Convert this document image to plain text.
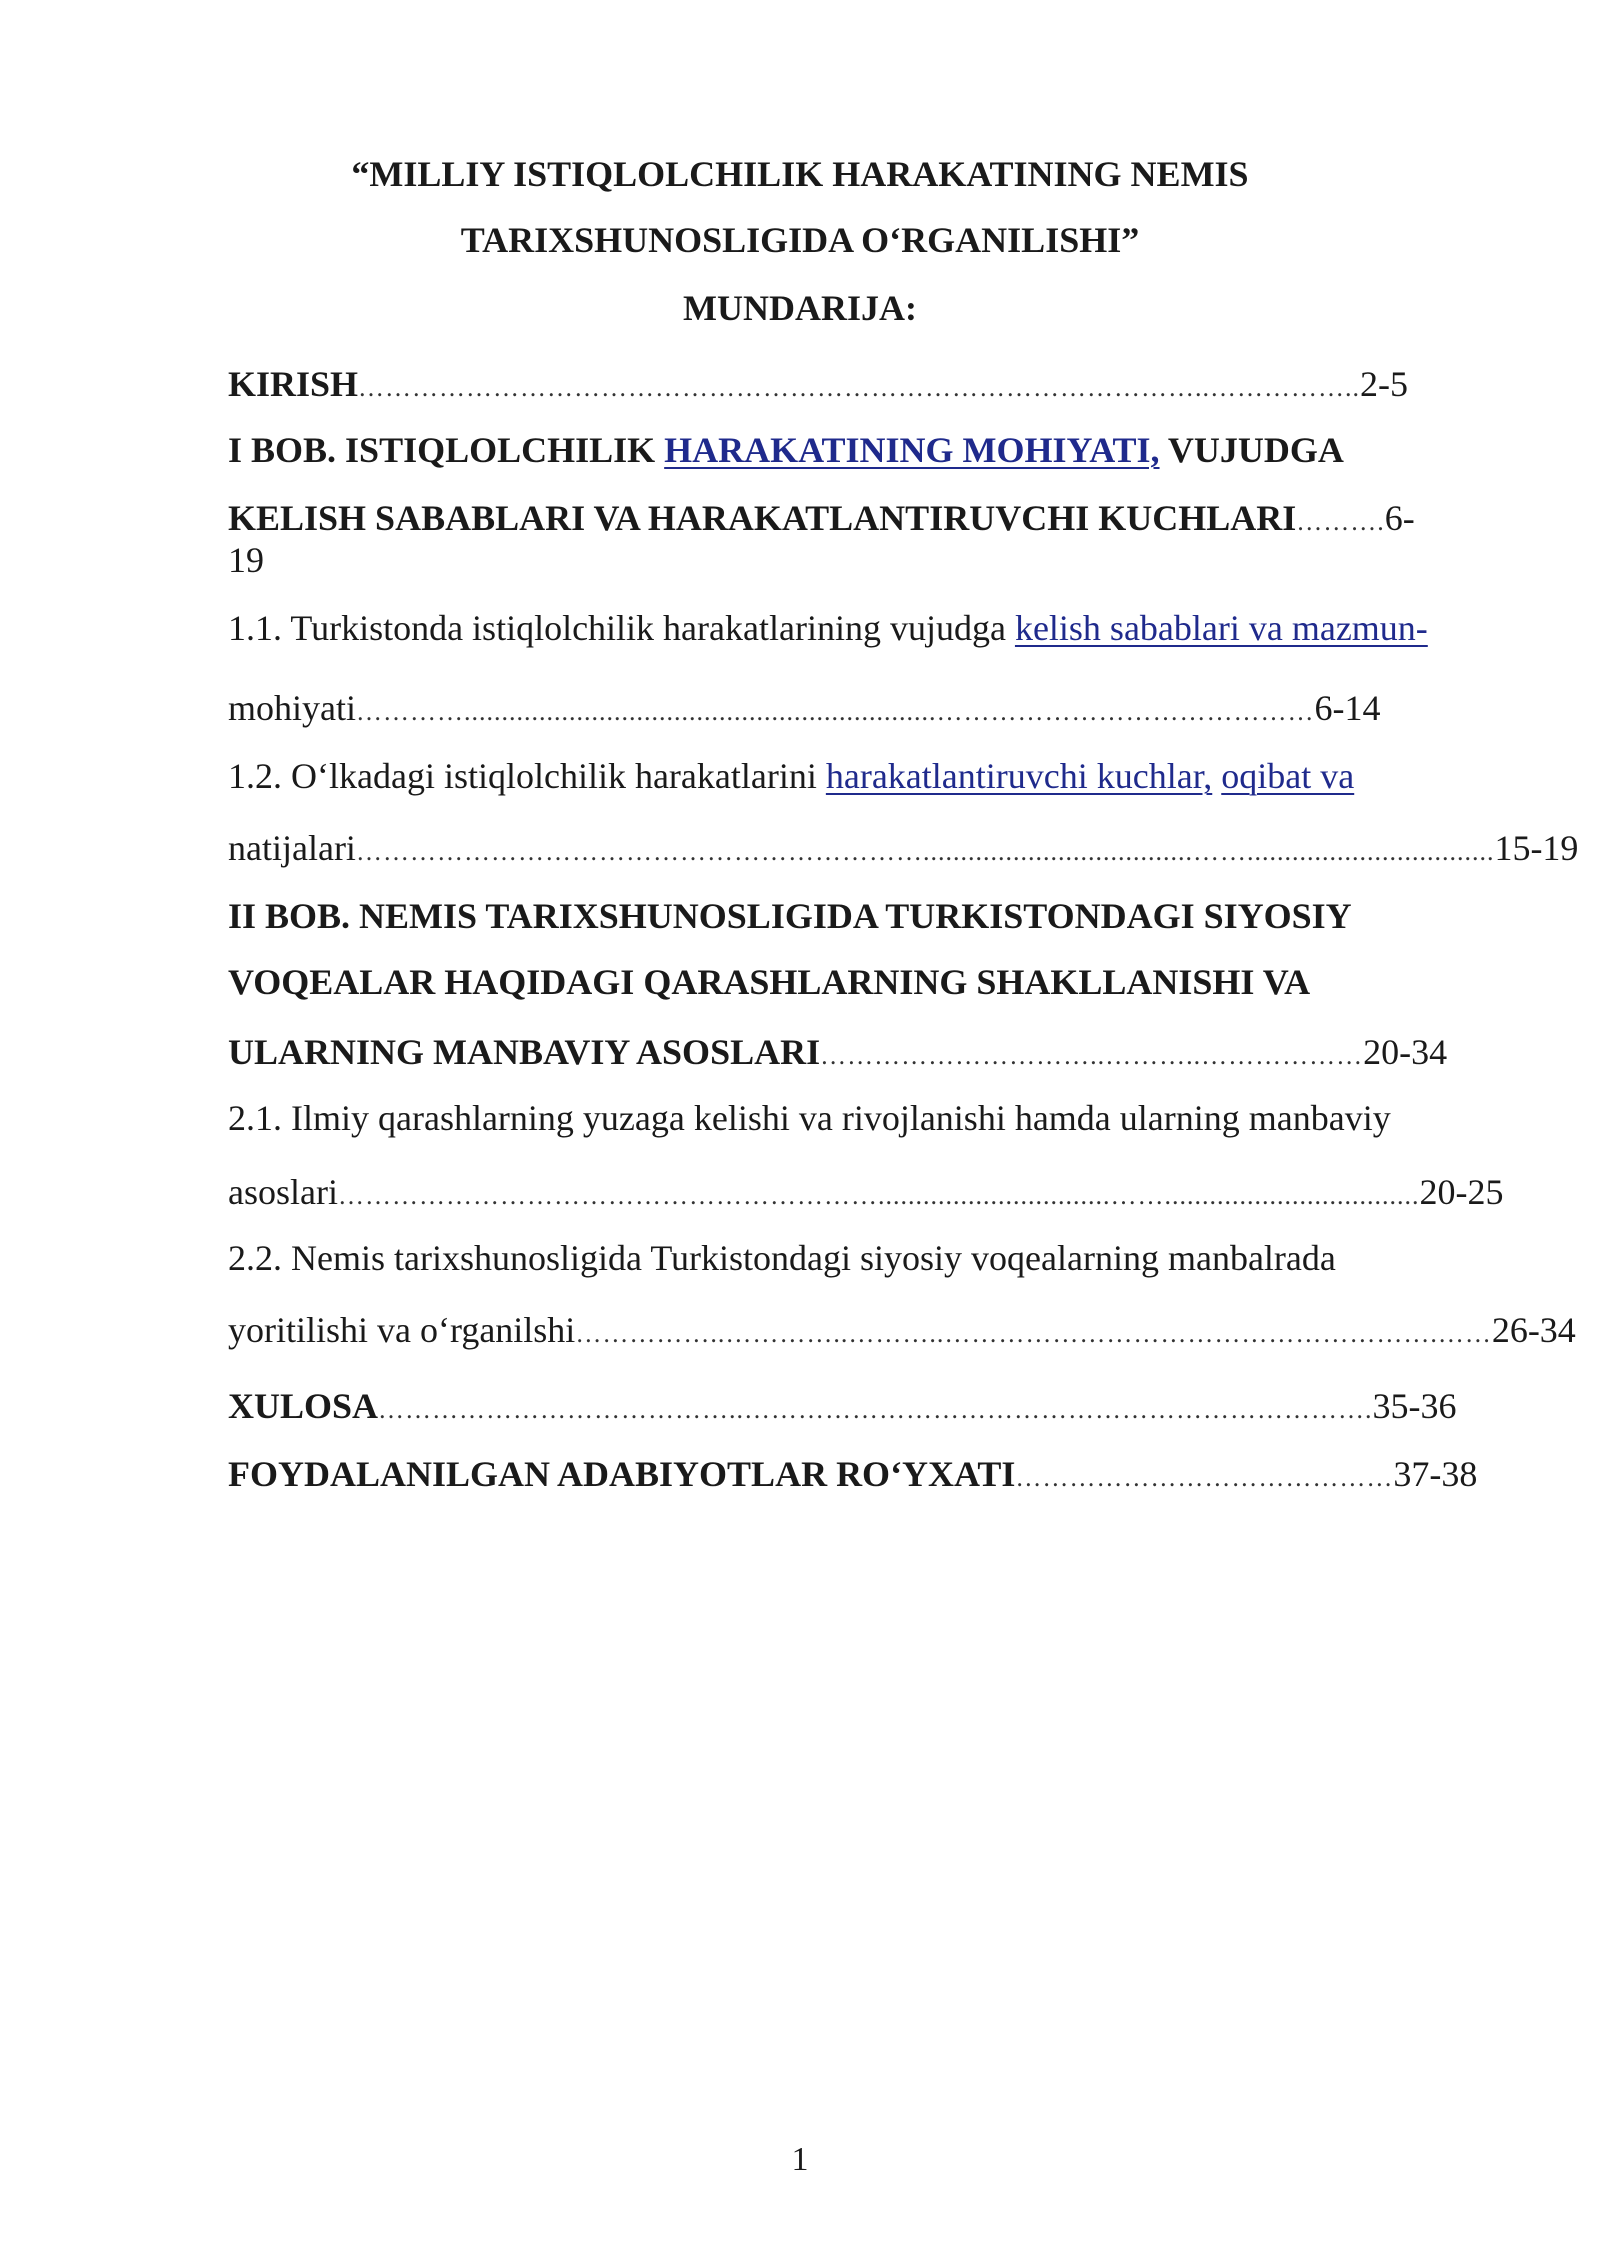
“MILLIY ISTIQLOLCHILIK HARAKATINING NEMIS

TARIXSHUNOSLIGIDA O‘RGANILISHI”

MUNDARIJA:

KIRISH…………………………………………………………………………………..……………..2-5
I BOB. ISTIQLOLCHILIK HARAKATINING MOHIYATI, VUJUDGA
KELISH SABABLARI VA HARAKATLANTIRUVCHI KUCHLARI……….6-
19
1.1. Turkistonda istiqlolchilik harakatlarining vujudga kelish sabablari va mazmun-
mohiyati…………...............................................................……………………………………6-14
1.2. O‘lkadagi istiqlolchilik harakatlarini harakatlantiruvchi kuchlar, oqibat va
natijalari………………………………………………………....................................…….................................15-19
II BOB. NEMIS TARIXSHUNOSLIGIDA TURKISTONDAGI SIYOSIY
VOQEALAR HAQIDAGI QARASHLARNING SHAKLLANISHI VA
ULARNING MANBAVIY ASOSLARI…………………………..………..………………20-34
2.1. Ilmiy qarashlarning yuzaga kelishi va rivojlanishi hamda ularning manbaviy
asoslari……………………………………………………...............................……..................................20-25
2.2. Nemis tarixshunosligida Turkistondagi siyosiy voqealarning manbalrada
yoritilishi va o‘rganilshi……………..…………..………..……………………………………………….……26-34
XULOSA…………………………………..…………………………………………………………….35-36
FOYDALANILGAN ADABIYOTLAR RO‘YXATI……………………………………37-38
1
